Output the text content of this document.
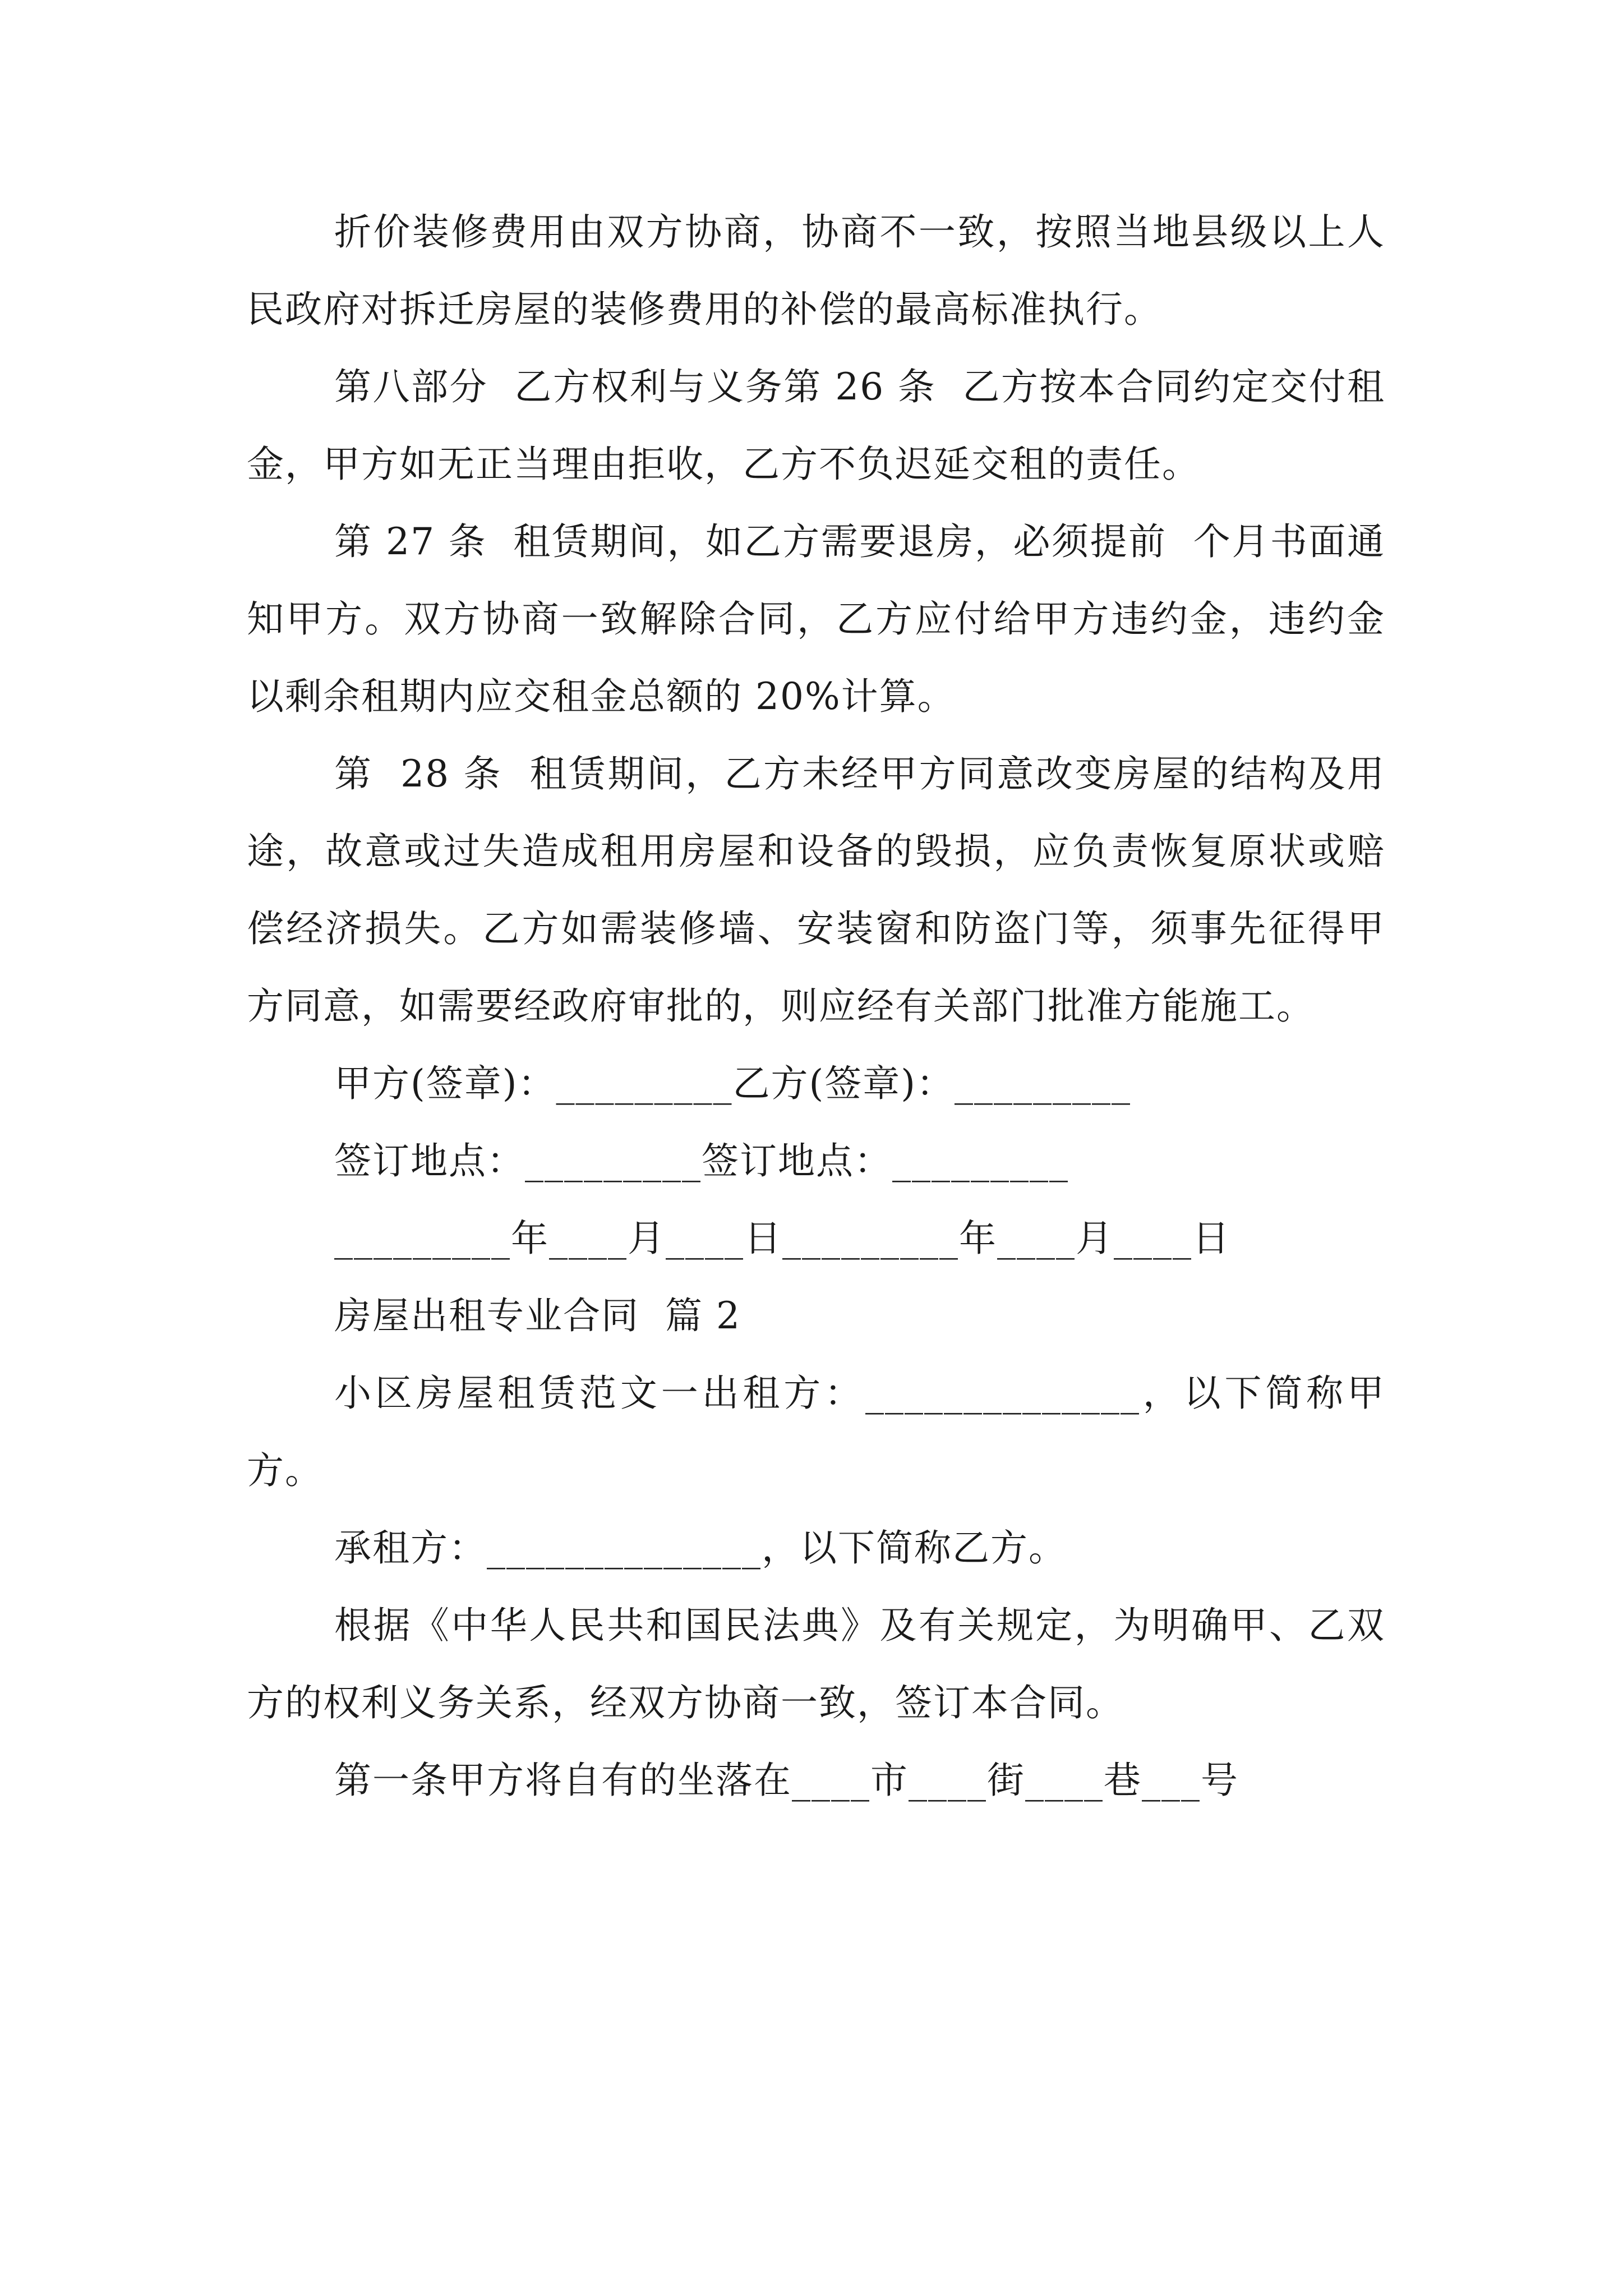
折价装修费用由双方协商，协商不一致，按照当地县级以上人民政府对拆迁房屋的装修费用的补偿的最高标准执行。

第八部分  乙方权利与义务第 26 条  乙方按本合同约定交付租金，甲方如无正当理由拒收，乙方不负迟延交租的责任。

第 27 条  租赁期间，如乙方需要退房，必须提前  个月书面通知甲方。双方协商一致解除合同，乙方应付给甲方违约金，违约金以剩余租期内应交租金总额的 20%计算。

第  28 条  租赁期间，乙方未经甲方同意改变房屋的结构及用途，故意或过失造成租用房屋和设备的毁损，应负责恢复原状或赔偿经济损失。乙方如需装修墙、安装窗和防盗门等，须事先征得甲方同意，如需要经政府审批的，则应经有关部门批准方能施工。

甲方(签章)：_________乙方(签章)：_________

签订地点：_________签订地点：_________

_________年____月____日_________年____月____日

房屋出租专业合同  篇 2

小区房屋租赁范文一出租方：______________，以下简称甲方。

承租方：______________，以下简称乙方。

根据《中华人民共和国民法典》及有关规定，为明确甲、乙双方的权利义务关系，经双方协商一致，签订本合同。

第一条甲方将自有的坐落在____市____街____巷___号
